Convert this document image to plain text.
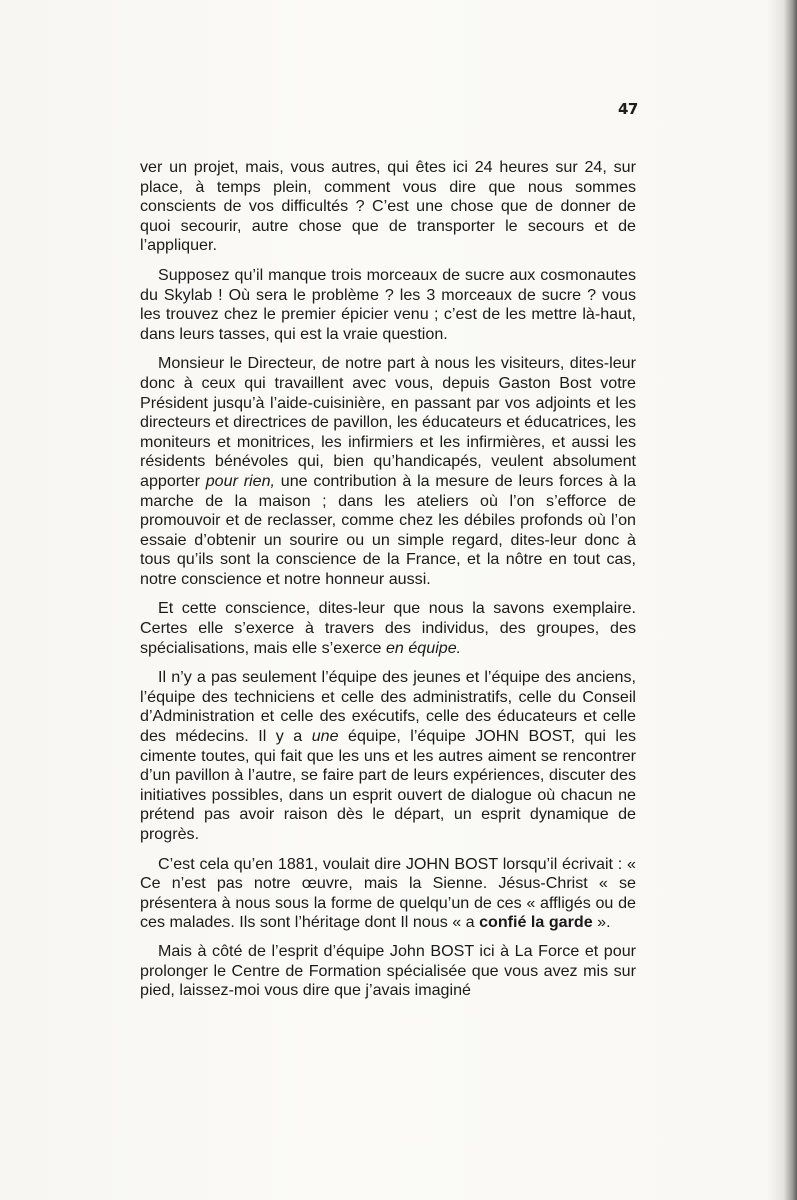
47

ver un projet, mais, vous autres, qui êtes ici 24 heures sur 24, sur place, à temps plein, comment vous dire que nous sommes conscients de vos difficultés ? C’est une chose que de donner de quoi secourir, autre chose que de transporter le secours et de l’appliquer.

Supposez qu’il manque trois morceaux de sucre aux cosmonautes du Skylab ! Où sera le problème ? les 3 morceaux de sucre ? vous les trouvez chez le premier épicier venu ; c’est de les mettre là-haut, dans leurs tasses, qui est la vraie question.

Monsieur le Directeur, de notre part à nous les visiteurs, dites-leur donc à ceux qui travaillent avec vous, depuis Gaston Bost votre Président jusqu’à l’aide-cuisinière, en passant par vos adjoints et les directeurs et directrices de pavillon, les éducateurs et éducatrices, les moniteurs et monitrices, les infirmiers et les infirmières, et aussi les résidents bénévoles qui, bien qu’handicapés, veulent absolument apporter pour rien, une contribution à la mesure de leurs forces à la marche de la maison ; dans les ateliers où l’on s’efforce de promouvoir et de reclasser, comme chez les débiles profonds où l’on essaie d’obtenir un sourire ou un simple regard, dites-leur donc à tous qu’ils sont la conscience de la France, et la nôtre en tout cas, notre conscience et notre honneur aussi.

Et cette conscience, dites-leur que nous la savons exemplaire. Certes elle s’exerce à travers des individus, des groupes, des spécialisations, mais elle s’exerce en équipe.

Il n’y a pas seulement l’équipe des jeunes et l’équipe des anciens, l’équipe des techniciens et celle des administratifs, celle du Conseil d’Administration et celle des exécutifs, celle des éducateurs et celle des médecins. Il y a une équipe, l’équipe JOHN BOST, qui les cimente toutes, qui fait que les uns et les autres aiment se rencontrer d’un pavillon à l’autre, se faire part de leurs expériences, discuter des initiatives possibles, dans un esprit ouvert de dialogue où chacun ne prétend pas avoir raison dès le départ, un esprit dynamique de progrès.

C’est cela qu’en 1881, voulait dire JOHN BOST lorsqu’il écrivait : « Ce n’est pas notre œuvre, mais la Sienne. Jésus-Christ « se présentera à nous sous la forme de quelqu’un de ces « affligés ou de ces malades. Ils sont l’héritage dont Il nous « a confié la garde ».

Mais à côté de l’esprit d’équipe John BOST ici à La Force et pour prolonger le Centre de Formation spécialisée que vous avez mis sur pied, laissez-moi vous dire que j’avais imaginé
